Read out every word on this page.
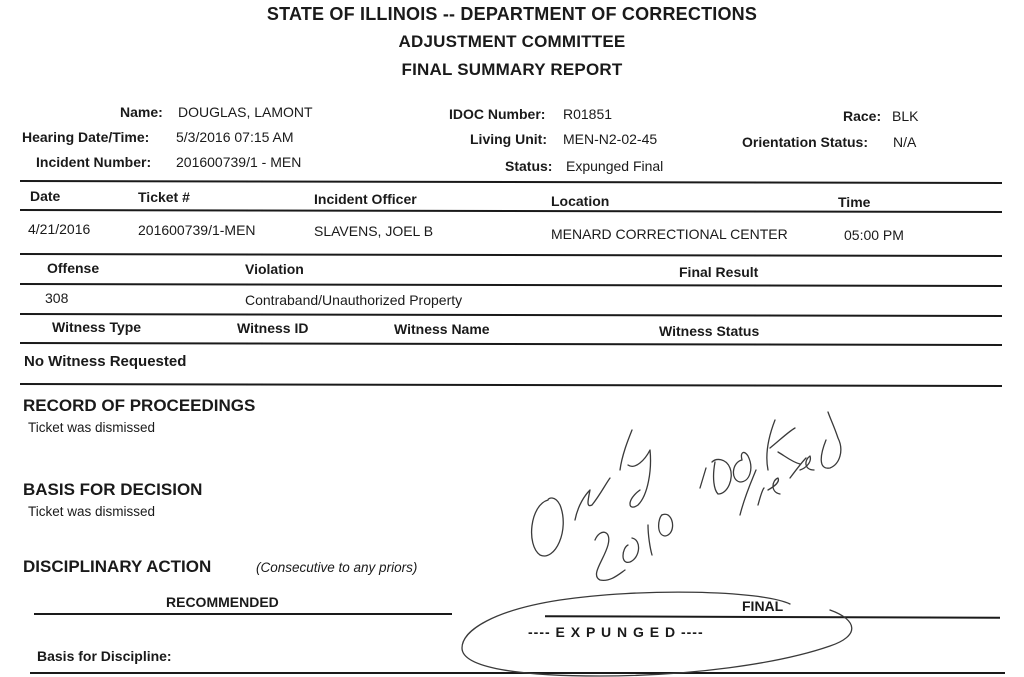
STATE OF ILLINOIS -- DEPARTMENT OF CORRECTIONS
ADJUSTMENT COMMITTEE
FINAL SUMMARY REPORT
Name: DOUGLAS, LAMONT	IDOC Number: R01851	Race: BLK
Hearing Date/Time: 5/3/2016 07:15 AM	Living Unit: MEN-N2-02-45	Orientation Status: N/A
Incident Number: 201600739/1 - MEN	Status: Expunged Final
Date	Ticket #	Incident Officer	Location	Time
4/21/2016	201600739/1-MEN	SLAVENS, JOEL B	MENARD CORRECTIONAL CENTER	05:00 PM
Offense	Violation	Final Result
308	Contraband/Unauthorized Property
Witness Type	Witness ID	Witness Name	Witness Status
No Witness Requested
RECORD OF PROCEEDINGS
Ticket was dismissed
BASIS FOR DECISION
Ticket was dismissed
DISCIPLINARY ACTION	(Consecutive to any priors)
RECOMMENDED	FINAL
---- E X P U N G E D ----
Basis for Discipline:
